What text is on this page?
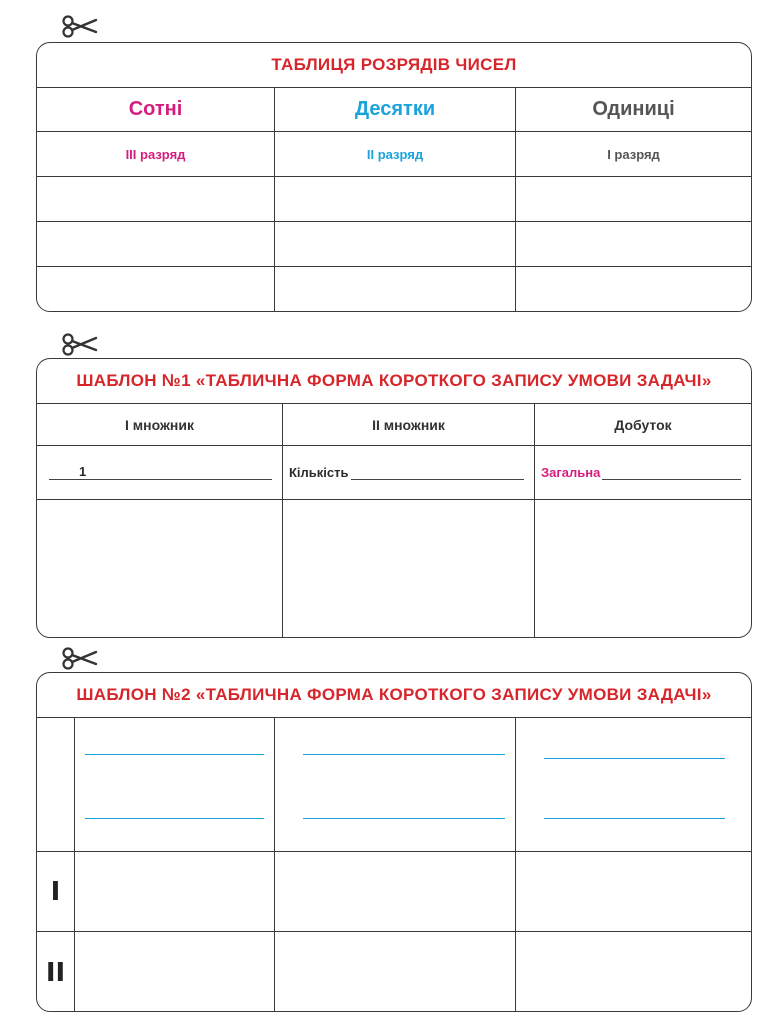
ТАБЛИЦЯ РОЗРЯДІВ ЧИСЕЛ
Сотні	Десятки	Одиниці
III разряд	II разряд	I разряд
ШАБЛОН №1 «ТАБЛИЧНА ФОРМА КОРОТКОГО ЗАПИСУ УМОВИ ЗАДАЧІ»
І множник	ІІ множник	Добуток
1	Кількість	Загальна
ШАБЛОН №2 «ТАБЛИЧНА ФОРМА КОРОТКОГО ЗАПИСУ УМОВИ ЗАДАЧІ»
І
ІІ
